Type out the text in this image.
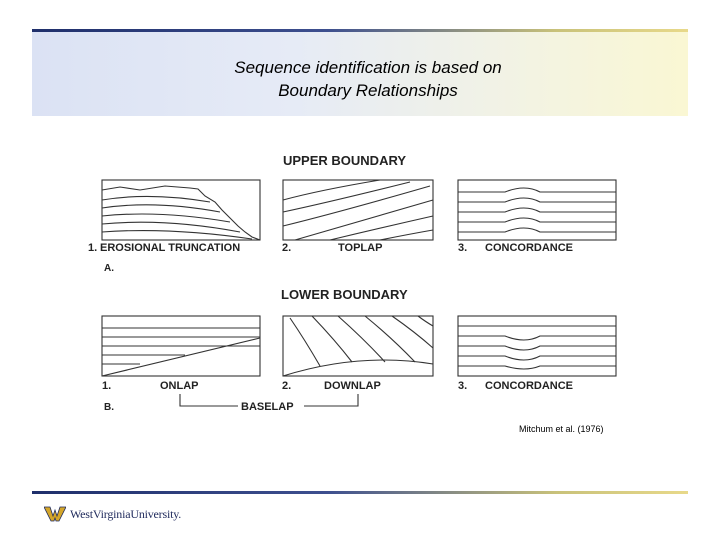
Sequence identification is based on
Boundary Relationships
UPPER BOUNDARY
1. EROSIONAL TRUNCATION	2.	TOPLAP	3. CONCORDANCE
A.
LOWER BOUNDARY
1.	ONLAP	2.	DOWNLAP	3. CONCORDANCE
B.	BASELAP
Mitchum et al. (1976)
WestVirginiaUniversity.
